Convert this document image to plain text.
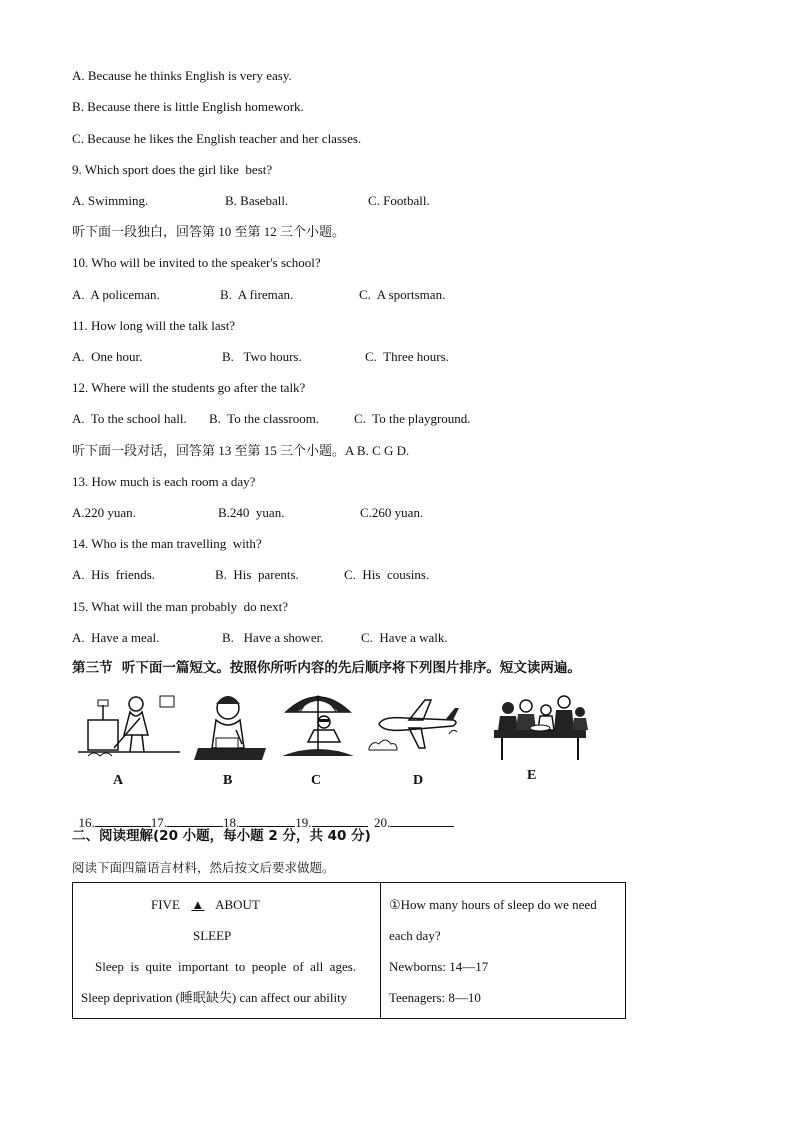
A. Because he thinks English is very easy.
B. Because there is little English homework.
C. Because he likes the English teacher and her classes.
9. Which sport does the girl like  best?
A. Swimming.	B. Baseball.	C. Football.
听下面一段独白，回答第 10 至第 12 三个小题。
10. Who will be invited to the speaker's school?
A.  A policeman.	B.  A fireman.	C.  A sportsman.
11. How long will the talk last?
A.  One hour.	B.   Two hours.	C.  Three hours.
12. Where will the students go after the talk?
A.  To the school hall. B.  To the classroom.	C.  To the playground.
听下面一段对话，回答第 13 至第 15 三个小题。A B. C G D.
13. How much is each room a day?
A.220 yuan.	B.240  yuan.	C.260 yuan.
14. Who is the man travelling  with?
A.  His  friends.	B.  His  parents.	C.  His  cousins.
15. What will the man probably  do next?
A.  Have a meal.	B.   Have a shower.	C.  Have a walk.
第三节  听下面一篇短文。按照你所听内容的先后顺序将下列图片排序。短文读两遍。
A	B	C	D	E

16.	17.	18.	19.	20.

二、阅读理解(20 小题，每小题 2 分，共 40 分)
阅读下面四篇语言材料，然后按文后要求做题。
FIVE ▲ ABOUT
SLEEP
Sleep  is  quite  important  to  people  of  all  ages.
Sleep deprivation (睡眠缺失) can affect our ability

①How many hours of sleep do we need
each day?
Newborns: 14—17
Teenagers: 8—10
